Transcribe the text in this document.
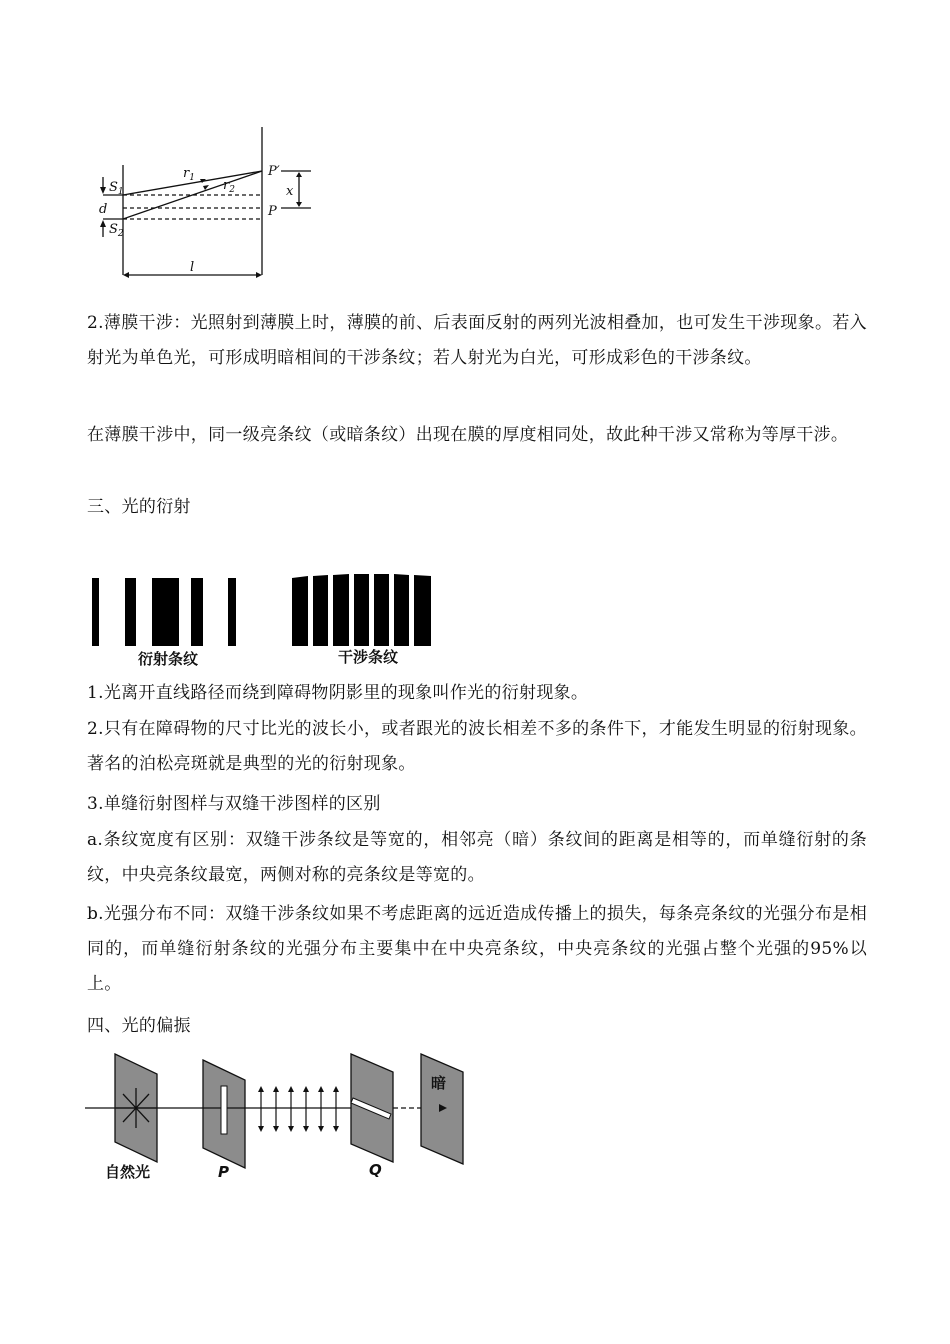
P′
P
x
$r_1$ $r_2$
$S_1$
d
$S_2$
l

2.薄膜干涉：光照射到薄膜上时，薄膜的前、后表面反射的两列光波相叠加，也可发生干涉现象。若入射光为单色光，可形成明暗相间的干涉条纹；若人射光为白光，可形成彩色的干涉条纹。

在薄膜干涉中，同一级亮条纹（或暗条纹）出现在膜的厚度相同处，故此种干涉又常称为等厚干涉。

三、光的衍射

衍射条纹	干涉条纹

1.光离开直线路径而绕到障碍物阴影里的现象叫作光的衍射现象。

2.只有在障碍物的尺寸比光的波长小，或者跟光的波长相差不多的条件下，才能发生明显的衍射现象。著名的泊松亮斑就是典型的光的衍射现象。

3.单缝衍射图样与双缝干涉图样的区别

a.条纹宽度有区别：双缝干涉条纹是等宽的，相邻亮（暗）条纹间的距离是相等的，而单缝衍射的条纹，中央亮条纹最宽，两侧对称的亮条纹是等宽的。

b.光强分布不同：双缝干涉条纹如果不考虑距离的远近造成传播上的损失，每条亮条纹的光强分布是相同的，而单缝衍射条纹的光强分布主要集中在中央亮条纹，中央亮条纹的光强占整个光强的95%以上。

四、光的偏振

暗
自然光	P	Q
